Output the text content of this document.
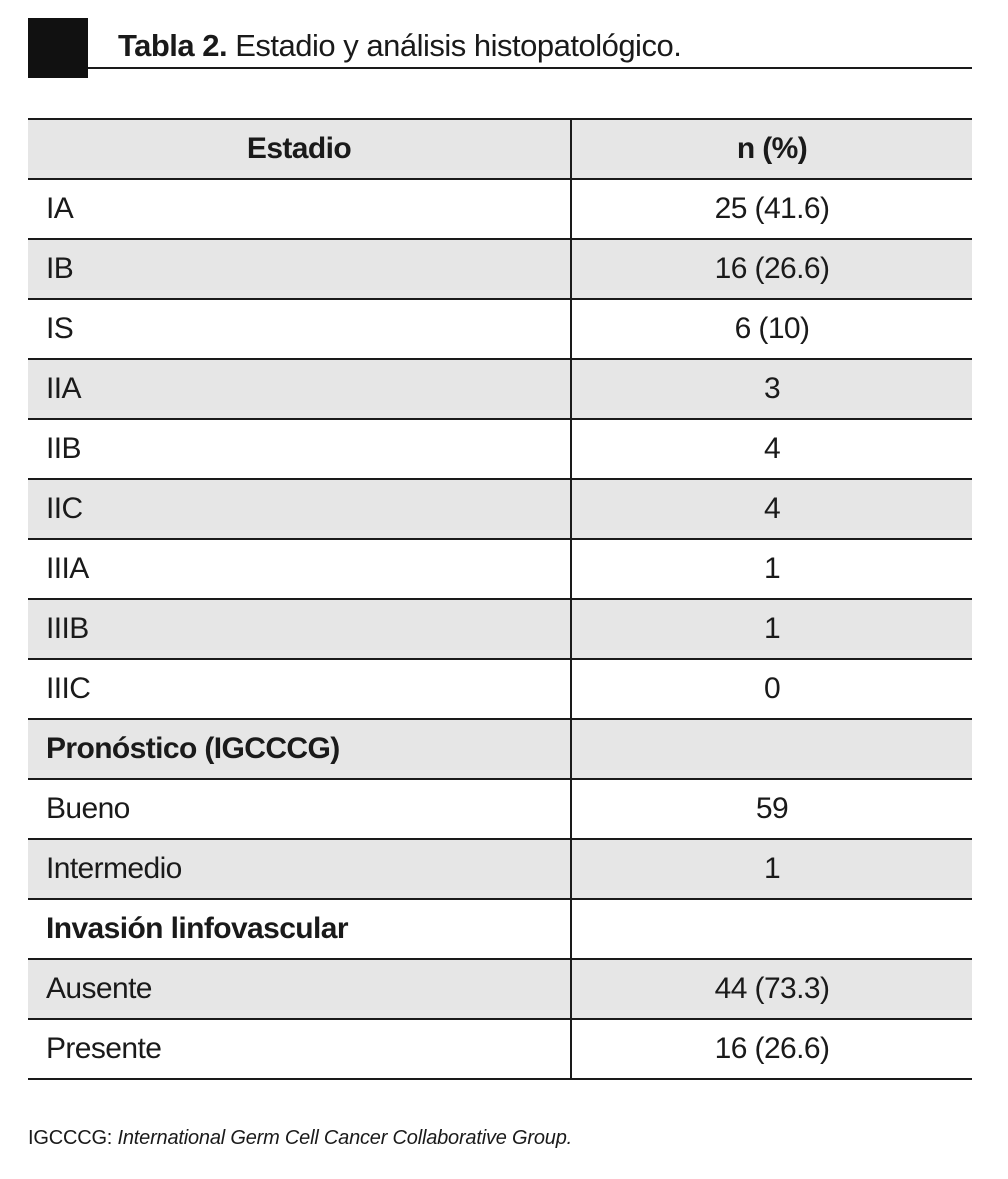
Tabla 2. Estadio y análisis histopatológico.
Estadio	n (%)
IA	25 (41.6)
IB	16 (26.6)
IS	6 (10)
IIA	3
IIB	4
IIC	4
IIIA	1
IIIB	1
IIIC	0
Pronóstico (IGCCCG)	
Bueno	59
Intermedio	1
Invasión linfovascular	
Ausente	44 (73.3)
Presente	16 (26.6)
IGCCCG: International Germ Cell Cancer Collaborative Group.
